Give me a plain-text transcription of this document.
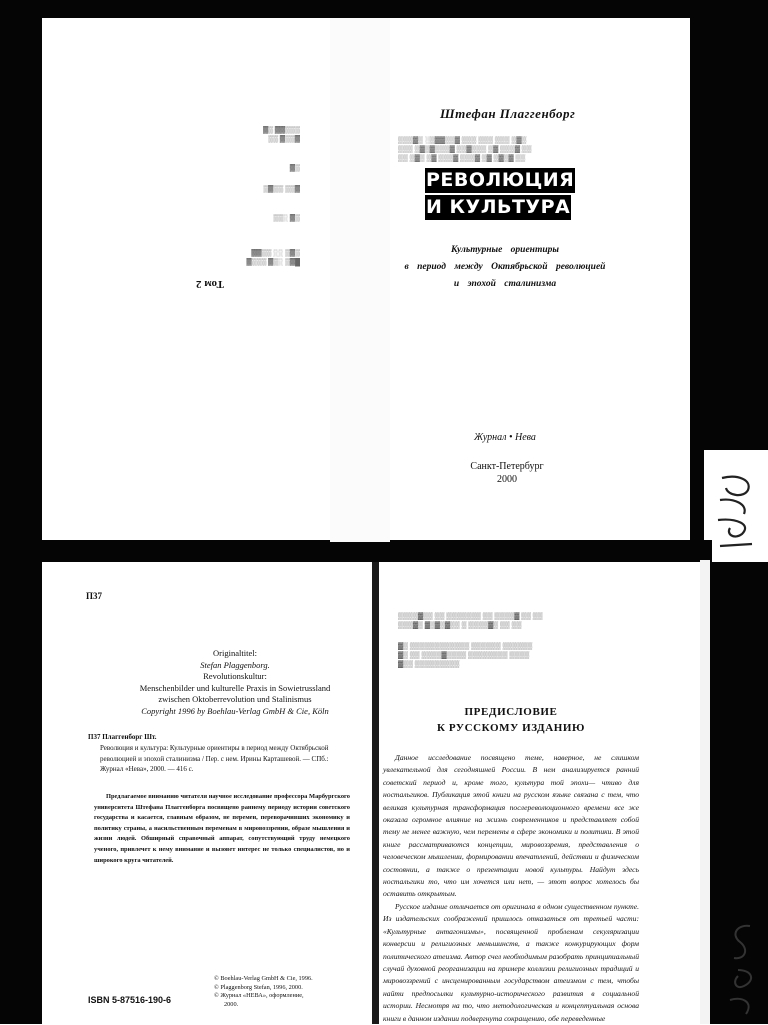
█▓▒ ░▒▓ ▒▒▒▓
▒▓▒ ░░ ▒▒▓▓
▒▓ ░▒▒
▓▒▒ ▒▒▓▒
▒▓
▓▒▒▓ ▒▒
▒▒▒▓▓ ▒▓
▒▒▒▓▒ ░▒▓▓▒▒▓ ▒▒▒ ▒▒▒ ▒▒▒ ▒▓▒
▒▒▒ ▒▓▒▓▒▒▒▓ ▒▒▓▒▒▒ ▒▓ ▒▒▒▓ ▒▒
▒▒ ▒▓▒ ▒▓ ▒▒▒▓ ▒▒▒▓ ▒▓ ▒▓▒▓ ▒▒
Штефан Плаггенборг
РЕВОЛЮЦИЯ
И КУЛЬТУРА
Культурные ориентиры
в период между Октябрьской революцией
и эпохой сталинизма
Журнал • Нева
Санкт-Петербург
2000
Том 2
П37
Originaltitel:
Stefan Plaggenborg.
Revolutionskultur:
Menschenbilder und kulturelle Praxis in Sowietrussland
zwischen Oktoberrevolution und Stalinismus
Copyright 1996 by Boehlau-Verlag GmbH & Cie, Köln
П37 Плаггенборг Шт.
Революция и культура: Культурные ориентиры в период между Октябрьской революцией и эпохой сталинизма / Пер. с нем. Ирины Карташевой. — СПб.: Журнал «Нева», 2000. — 416 с.
Предлагаемое вниманию читателя научное исследование профессора Марбургского университета Штефана Плаггенборга посвящено раннему периоду истории советского государства и касается, главным образом, не перемен, переворачивших экономику и политику страны, а насильственным переменам в мировоззрении, образе мышления и жизни людей. Обширный справочный аппарат, сопутствующий труду немецкого ученого, привлечет к нему внимание и вызовет интерес не только специалистов, но и широкого круга читателей.
© Boehlau-Verlag GmbH & Cie, 1996.
© Plaggenborg Stefan, 1996, 2000.
© Журнал «НЕВА», оформление,
2000.
ISBN 5-87516-190-6
▒▒▒▒▓▒▒ ▒▒ ▒▒▒▒▒▒▒ ▒▒ ▒▒▒▒▓ ▒▒ ▒▒
▒▒▒▓▒ ▓▒▓▒▓▒▒ ▒ ▒▒▒▒▓▒ ▒▒ ▒▒
▓▒ ▒▒▒▒▒▒▒▒▒▒▒▒ ▒▒▒▒▒▒ ▒▒▒▒▒▒
▓▒ ▒▒ ▒▒▒▒▓▒▒▒▒ ▒▒▒▒▒▒▒▒ ▒▒▒▒
▓▒▒ ▒▒▒▒▒▒▒▒▒
ПРЕДИСЛОВИЕ
К РУССКОМУ ИЗДАНИЮ

Данное исследование посвящено теме, наверное, не слишком увлекательной для сегодняшней России. В нем анализируется ранний советский период и, кроме того, культура той эпохи— чтиво для ностальгиков. Публикация этой книги на русском языке связана с тем, что великая культурная трансформация послереволюционного времени все же оказала огромное влияние на жизнь современников и представляет собой тему не менее важную, чем перемены в сфере экономики и политики. В этой книге рассматриваются концепции, мировоззрения, представления о человеческом мышлении, формировании впечатлений, действии и физическом состоянии, а также о презентации новой культуры. Найдут здесь ностальгики то, что им хочется или нет, — этот вопрос хотелось бы оставить открытым.

Русское издание отличается от оригинала в одном существенном пункте. Из издательских соображений пришлось отказаться от третьей части: «Культурные антагонизмы», посвященной проблемам секуляризации конверсии и религиозных меньшинств, а также конкурирующих форм политического атеизма. Автор счел необходимым разобрать принципиальный случай духовной реорганизации на примере коллизии религиозных традиций и мировоззрений с инсценированным государством атеизмом с тем, чтобы найти предпосылки культурно-исторического развития в социальной истории. Несмотря на то, что методологическая и концептуальная основа книги в данном издании подвергнута сокращению, обе переведенные
